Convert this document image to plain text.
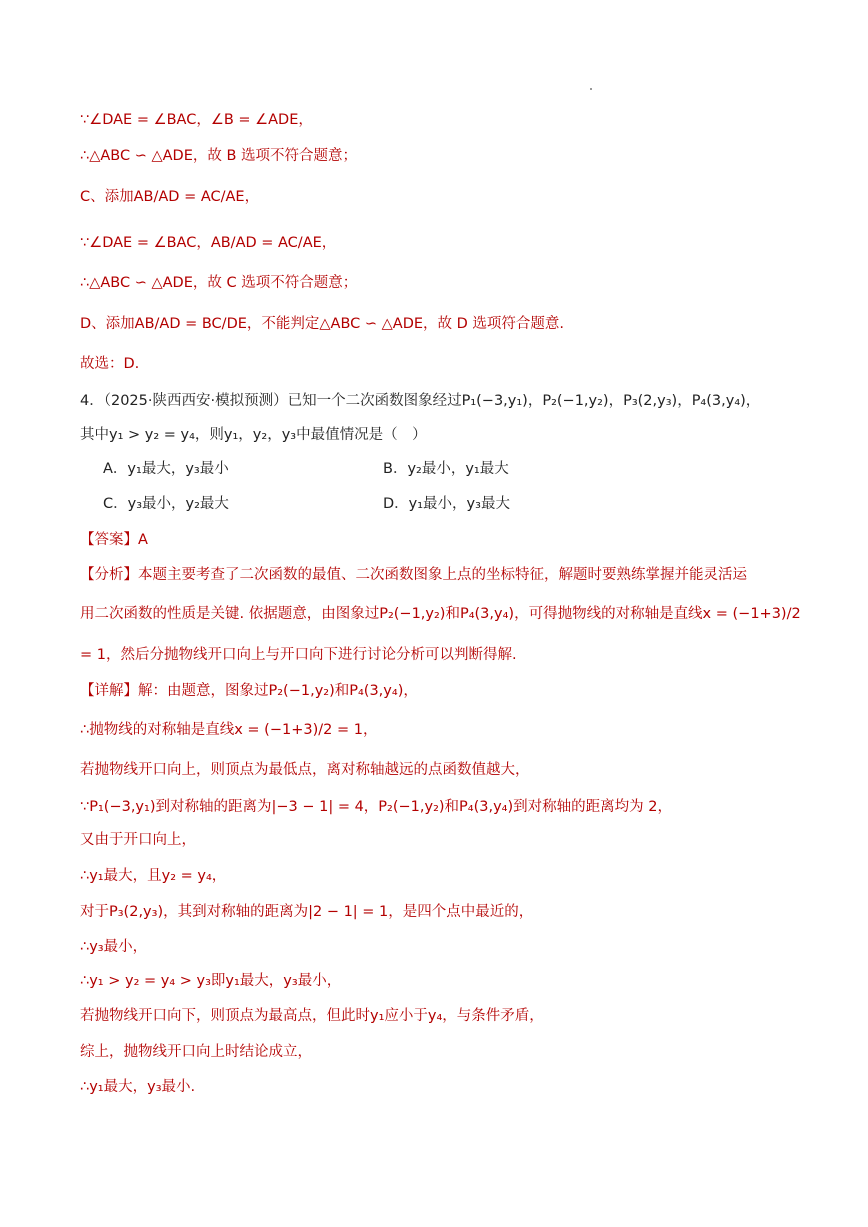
∵∠DAE = ∠BAC，∠B = ∠ADE，
∴△ABC ∽ △ADE，故 B 选项不符合题意；
C、添加AB/AD = AC/AE，
∵∠DAE = ∠BAC，AB/AD = AC/AE，
∴△ABC ∽ △ADE，故 C 选项不符合题意；
D、添加AB/AD = BC/DE，不能判定△ABC ∽ △ADE，故 D 选项符合题意.
故选：D.
4．（2025·陕西西安·模拟预测）已知一个二次函数图象经过P₁(−3,y₁)，P₂(−1,y₂)，P₃(2,y₃)，P₄(3,y₄)，
其中y₁ > y₂ = y₄，则y₁，y₂，y₃中最值情况是（　）
A．y₁最大，y₃最小	B．y₂最小，y₁最大
C．y₃最小，y₂最大	D．y₁最小，y₃最大
【答案】A
【分析】本题主要考查了二次函数的最值、二次函数图象上点的坐标特征，解题时要熟练掌握并能灵活运
用二次函数的性质是关键. 依据题意，由图象过P₂(−1,y₂)和P₄(3,y₄)，可得抛物线的对称轴是直线x = (−1+3)/2
= 1，然后分抛物线开口向上与开口向下进行讨论分析可以判断得解.
【详解】解：由题意，图象过P₂(−1,y₂)和P₄(3,y₄)，
∴抛物线的对称轴是直线x = (−1+3)/2 = 1，
若抛物线开口向上，则顶点为最低点，离对称轴越远的点函数值越大，
∵P₁(−3,y₁)到对称轴的距离为|−3 − 1| = 4，P₂(−1,y₂)和P₄(3,y₄)到对称轴的距离均为 2，
又由于开口向上，
∴y₁最大，且y₂ = y₄，
对于P₃(2,y₃)，其到对称轴的距离为|2 − 1| = 1，是四个点中最近的，
∴y₃最小，
∴y₁ > y₂ = y₄ > y₃即y₁最大，y₃最小，
若抛物线开口向下，则顶点为最高点，但此时y₁应小于y₄，与条件矛盾，
综上，抛物线开口向上时结论成立，
∴y₁最大，y₃最小.
